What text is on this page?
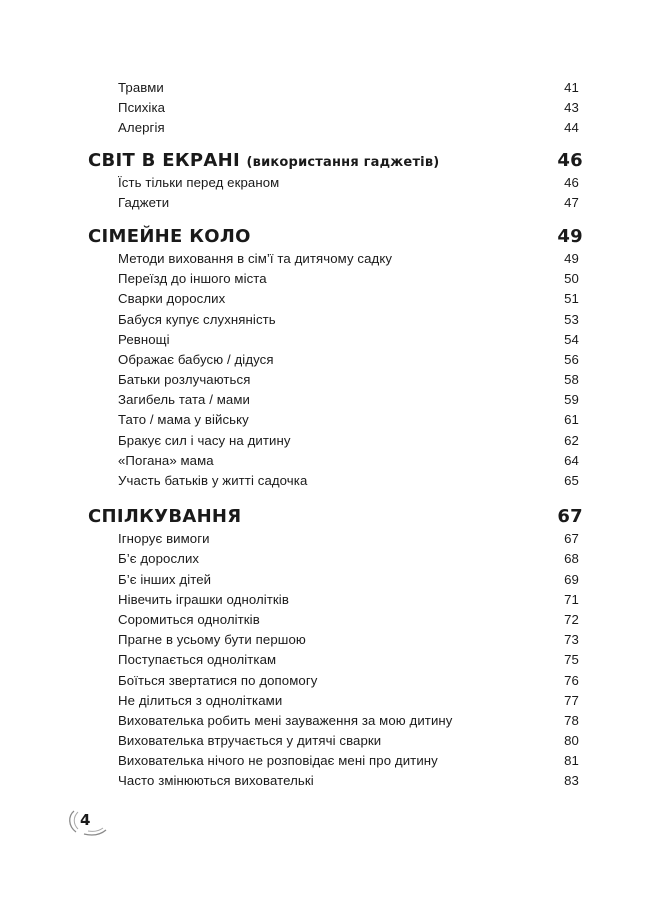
Травми	41
Психіка	43
Алергія	44
СВІТ В ЕКРАНІ (використання гаджетів)	46
Їсть тільки перед екраном	46
Гаджети	47
СІМЕЙНЕ КОЛО	49
Методи виховання в сім’ї та дитячому садку	49
Переїзд до іншого міста	50
Сварки дорослих	51
Бабуся купує слухняність	53
Ревнощі	54
Ображає бабусю / дідуся	56
Батьки розлучаються	58
Загибель тата / мами	59
Тато / мама у війську	61
Бракує сил і часу на дитину	62
«Погана» мама	64
Участь батьків у житті садочка	65
СПІЛКУВАННЯ	67
Ігнорує вимоги	67
Б’є дорослих	68
Б’є інших дітей	69
Нівечить іграшки однолітків	71
Соромиться однолітків	72
Прагне в усьому бути першою	73
Поступається одноліткам	75
Боїться звертатися по допомогу	76
Не ділиться з однолітками	77
Вихователька робить мені зауваження за мою дитину	78
Вихователька втручається у дитячі сварки	80
Вихователька нічого не розповідає мені про дитину	81
Часто змінюються вихователькі	83
4
